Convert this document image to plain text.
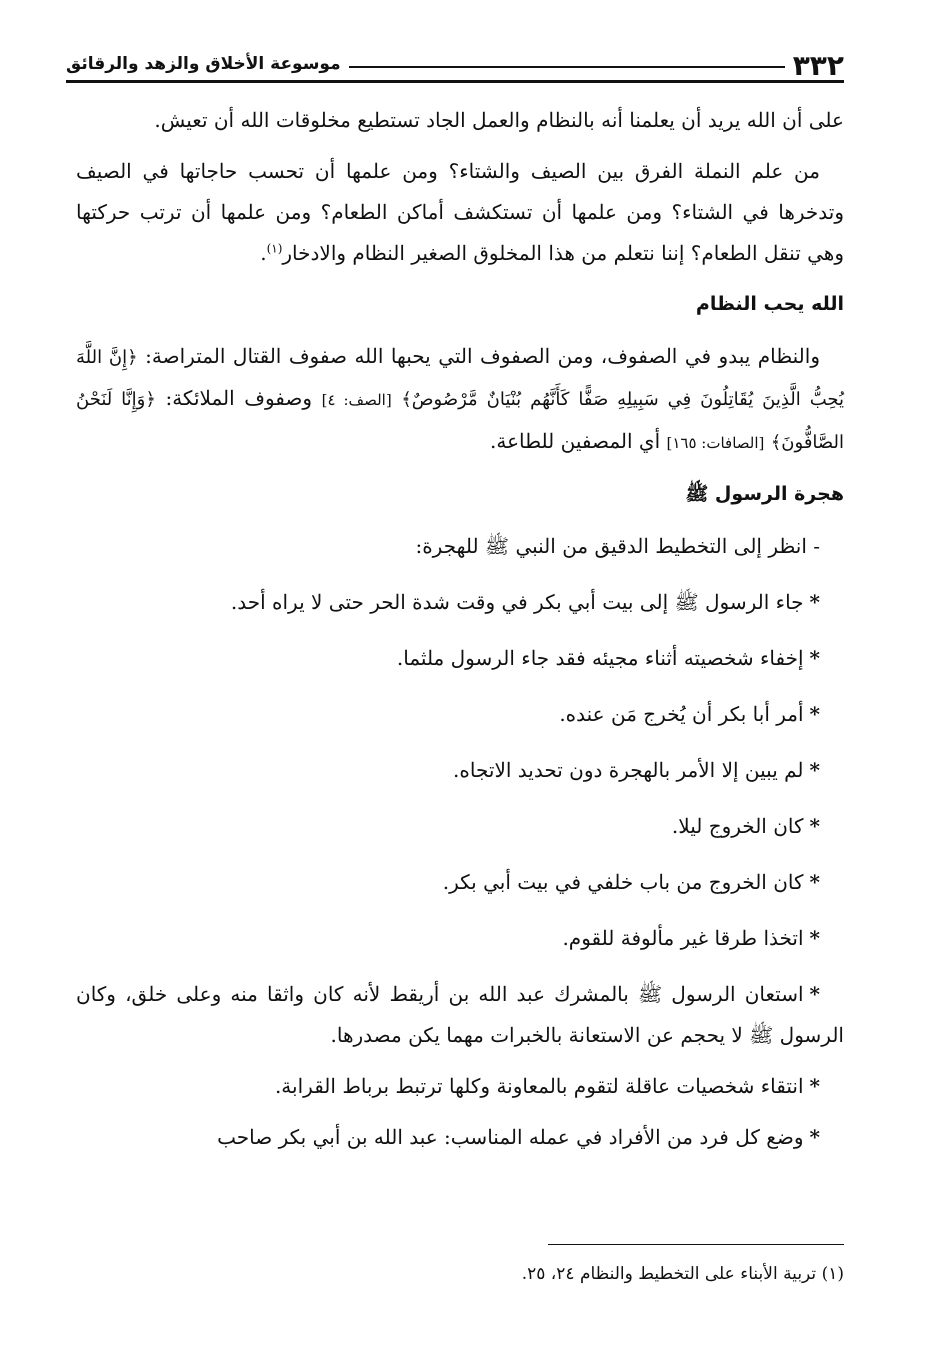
موسوعة الأخلاق والزهد والرقائق	٣٣٢

على أن الله يريد أن يعلمنا أنه بالنظام والعمل الجاد تستطيع مخلوقات الله أن تعيش.

من علم النملة الفرق بين الصيف والشتاء؟ ومن علمها أن تحسب حاجاتها في الصيف وتدخرها في الشتاء؟ ومن علمها أن تستكشف أماكن الطعام؟ ومن علمها أن ترتب حركتها وهي تنقل الطعام؟ إننا نتعلم من هذا المخلوق الصغير النظام والادخار$^{(١)}$.

الله يحب النظام

والنظام يبدو في الصفوف، ومن الصفوف التي يحبها الله صفوف القتال المتراصة: ﴿إِنَّ اللَّهَ يُحِبُّ الَّذِينَ يُقَاتِلُونَ فِي سَبِيلِهِ صَفًّا كَأَنَّهُم بُنْيَانٌ مَّرْصُوصٌ﴾ [الصف: ٤] وصفوف الملائكة: ﴿وَإِنَّا لَنَحْنُ الصَّافُّونَ﴾ [الصافات: ١٦٥] أي المصفين للطاعة.

هجرة الرسول ﷺ

- انظر إلى التخطيط الدقيق من النبي ﷺ للهجرة:

*جاء الرسول ﷺ إلى بيت أبي بكر في وقت شدة الحر حتى لا يراه أحد.

*إخفاء شخصيته أثناء مجيئه فقد جاء الرسول ملثما.

*أمر أبا بكر أن يُخرج مَن عنده.

*لم يبين إلا الأمر بالهجرة دون تحديد الاتجاه.

*كان الخروج ليلا.

*كان الخروج من باب خلفي في بيت أبي بكر.

*اتخذا طرقا غير مألوفة للقوم.

*استعان الرسول ﷺ بالمشرك عبد الله بن أريقط لأنه كان واثقا منه وعلى خلق، وكان الرسول ﷺ لا يحجم عن الاستعانة بالخبرات مهما يكن مصدرها.

*انتقاء شخصيات عاقلة لتقوم بالمعاونة وكلها ترتبط برباط القرابة.

*وضع كل فرد من الأفراد في عمله المناسب: عبد الله بن أبي بكر صاحب

(١) تربية الأبناء على التخطيط والنظام ٢٤، ٢٥.
